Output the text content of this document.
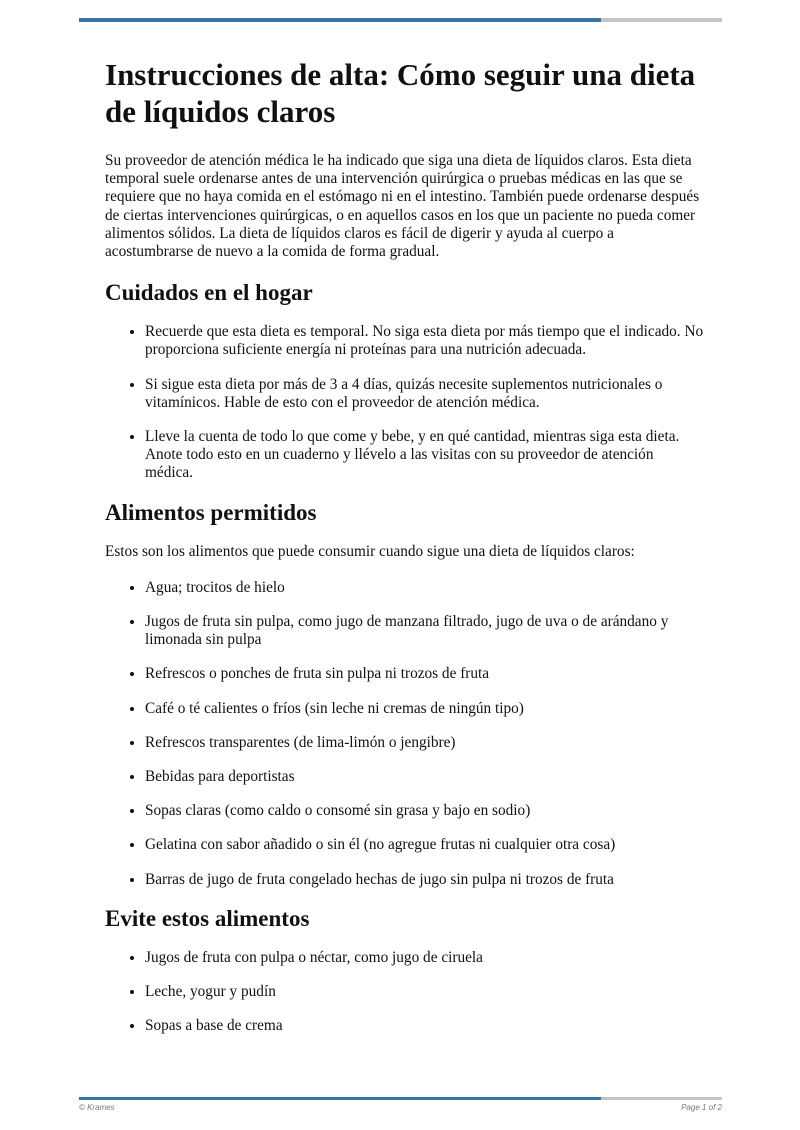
Instrucciones de alta: Cómo seguir una dieta de líquidos claros

Su proveedor de atención médica le ha indicado que siga una dieta de líquidos claros. Esta dieta temporal suele ordenarse antes de una intervención quirúrgica o pruebas médicas en las que se requiere que no haya comida en el estómago ni en el intestino. También puede ordenarse después de ciertas intervenciones quirúrgicas, o en aquellos casos en los que un paciente no pueda comer alimentos sólidos. La dieta de líquidos claros es fácil de digerir y ayuda al cuerpo a acostumbrarse de nuevo a la comida de forma gradual.

Cuidados en el hogar
• Recuerde que esta dieta es temporal. No siga esta dieta por más tiempo que el indicado. No proporciona suficiente energía ni proteínas para una nutrición adecuada.
• Si sigue esta dieta por más de 3 a 4 días, quizás necesite suplementos nutricionales o vitamínicos. Hable de esto con el proveedor de atención médica.
• Lleve la cuenta de todo lo que come y bebe, y en qué cantidad, mientras siga esta dieta. Anote todo esto en un cuaderno y llévelo a las visitas con su proveedor de atención médica.
Alimentos permitidos

Estos son los alimentos que puede consumir cuando sigue una dieta de líquidos claros:

• Agua; trocitos de hielo
• Jugos de fruta sin pulpa, como jugo de manzana filtrado, jugo de uva o de arándano y limonada sin pulpa
• Refrescos o ponches de fruta sin pulpa ni trozos de fruta
• Café o té calientes o fríos (sin leche ni cremas de ningún tipo)
• Refrescos transparentes (de lima-limón o jengibre)
• Bebidas para deportistas
• Sopas claras (como caldo o consomé sin grasa y bajo en sodio)
• Gelatina con sabor añadido o sin él (no agregue frutas ni cualquier otra cosa)
• Barras de jugo de fruta congelado hechas de jugo sin pulpa ni trozos de fruta
Evite estos alimentos
• Jugos de fruta con pulpa o néctar, como jugo de ciruela
• Leche, yogur y pudín
• Sopas a base de crema
© Krames	Page 1 of 2
